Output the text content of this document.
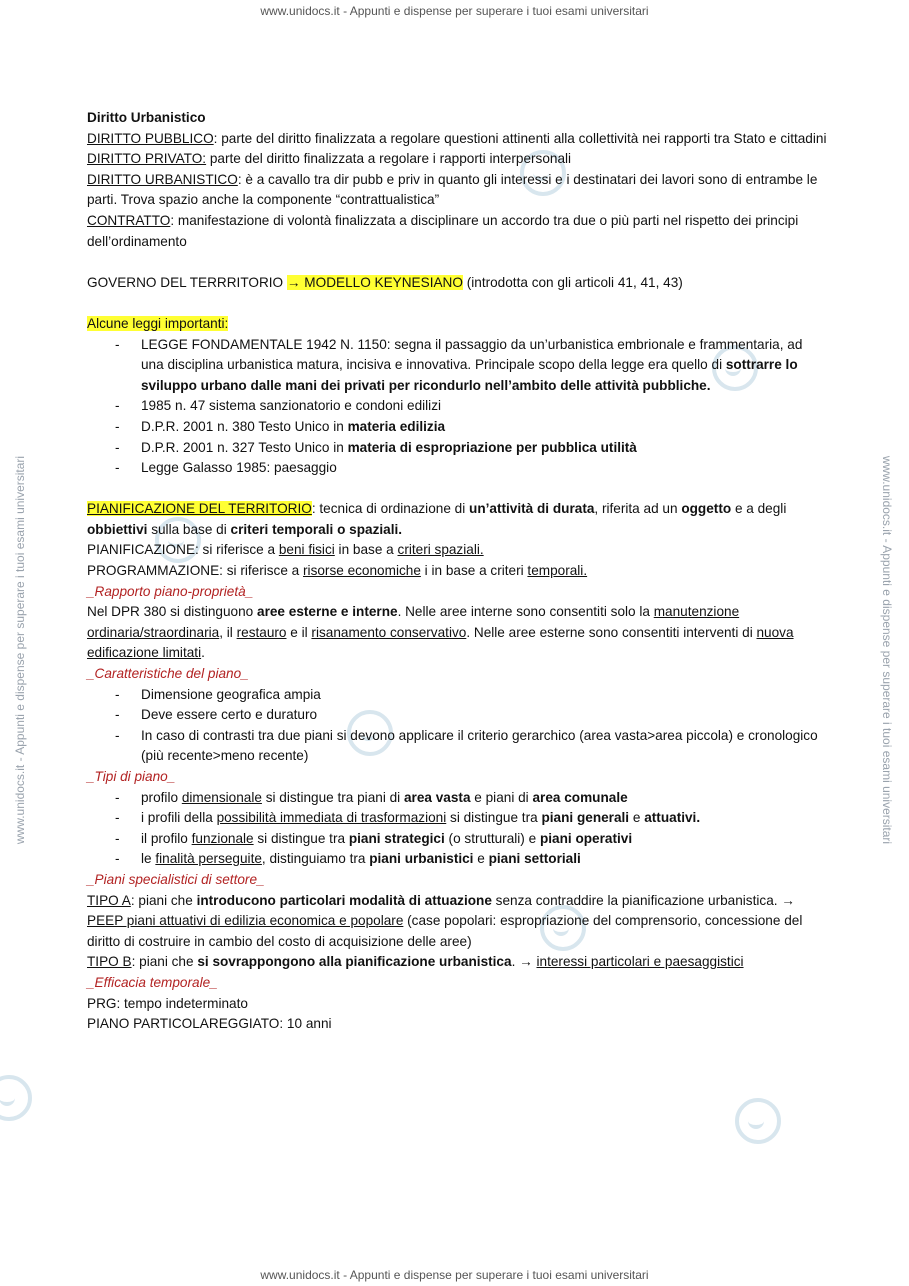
www.unidocs.it - Appunti e dispense per superare i tuoi esami universitari
www.unidocs.it - Appunti e dispense per superare i tuoi esami universitari	www.unidocs.it - Appunti e dispense per superare i tuoi esami universitari

Diritto Urbanistico

DIRITTO PUBBLICO: parte del diritto finalizzata a regolare questioni attinenti alla collettività nei rapporti tra Stato e cittadini

DIRITTO PRIVATO: parte del diritto finalizzata a regolare i rapporti interpersonali

DIRITTO URBANISTICO: è a cavallo tra dir pubb e priv in quanto gli interessi e i destinatari dei lavori sono di entrambe le parti. Trova spazio anche la componente “contrattualistica”

CONTRATTO: manifestazione di volontà finalizzata a disciplinare un accordo tra due o più parti nel rispetto dei principi dell’ordinamento

GOVERNO DEL TERRRITORIO → MODELLO KEYNESIANO (introdotta con gli articoli 41, 41, 43)

Alcune leggi importanti:

- LEGGE FONDAMENTALE 1942 N. 1150: segna il passaggio da un’urbanistica embrionale e frammentaria, ad una disciplina urbanistica matura, incisiva e innovativa. Principale scopo della legge era quello di sottrarre lo sviluppo urbano dalle mani dei privati per ricondurlo nell’ambito delle attività pubbliche.
- 1985 n. 47 sistema sanzionatorio e condoni edilizi
- D.P.R. 2001 n. 380 Testo Unico in materia edilizia
- D.P.R. 2001 n. 327 Testo Unico in materia di espropriazione per pubblica utilità
- Legge Galasso 1985: paesaggio

PIANIFICAZIONE DEL TERRITORIO: tecnica di ordinazione di un’attività di durata, riferita ad un oggetto e a degli obbiettivi sulla base di criteri temporali o spaziali.

PIANIFICAZIONE: si riferisce a beni fisici in base a criteri spaziali.

PROGRAMMAZIONE: si riferisce a risorse economiche i in base a criteri temporali.

_Rapporto piano-proprietà_

Nel DPR 380 si distinguono aree esterne e interne. Nelle aree interne sono consentiti solo la manutenzione ordinaria/straordinaria, il restauro e il risanamento conservativo. Nelle aree esterne sono consentiti interventi di nuova edificazione limitati.

_Caratteristiche del piano_

- Dimensione geografica ampia
- Deve essere certo e duraturo
- In caso di contrasti tra due piani si devono applicare il criterio gerarchico (area vasta>area piccola) e cronologico (più recente>meno recente)

_Tipi di piano_

- profilo dimensionale si distingue tra piani di area vasta e piani di area comunale
- i profili della possibilità immediata di trasformazioni si distingue tra piani generali e attuativi.
- il profilo funzionale si distingue tra piani strategici (o strutturali) e piani operativi
- le finalità perseguite, distinguiamo tra piani urbanistici e piani settoriali

_Piani specialistici di settore_

TIPO A: piani che introducono particolari modalità di attuazione senza contraddire la pianificazione urbanistica. → PEEP piani attuativi di edilizia economica e popolare (case popolari: espropriazione del comprensorio, concessione del diritto di costruire in cambio del costo di acquisizione delle aree)

TIPO B: piani che si sovrappongono alla pianificazione urbanistica. → interessi particolari e paesaggistici

_Efficacia temporale_

PRG: tempo indeterminato

PIANO PARTICOLAREGGIATO: 10 anni

www.unidocs.it - Appunti e dispense per superare i tuoi esami universitari
